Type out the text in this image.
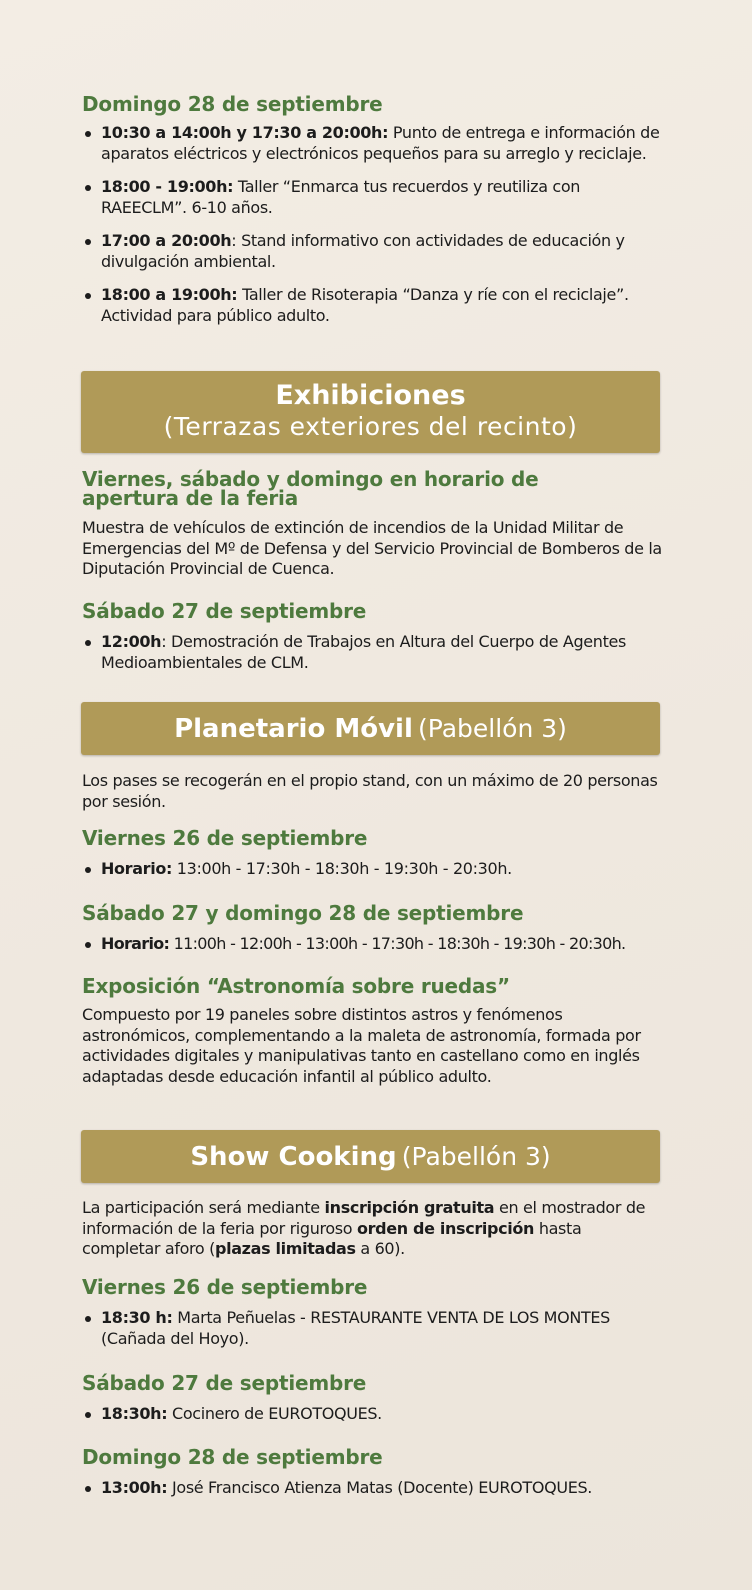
Domingo 28 de septiembre
10:30 a 14:00h y 17:30 a 20:00h: Punto de entrega e información de aparatos eléctricos y electrónicos pequeños para su arreglo y reciclaje.
18:00 - 19:00h: Taller “Enmarca tus recuerdos y reutiliza con RAEECLM”. 6-10 años.
17:00 a 20:00h: Stand informativo con actividades de educación y divulgación ambiental.
18:00 a 19:00h: Taller de Risoterapia “Danza y ríe con el reciclaje”. Actividad para público adulto.
Exhibiciones
(Terrazas exteriores del recinto)
Viernes, sábado y domingo en horario de apertura de la feria

Muestra de vehículos de extinción de incendios de la Unidad Militar de Emergencias del Mº de Defensa y del Servicio Provincial de Bomberos de la Diputación Provincial de Cuenca.

Sábado 27 de septiembre
12:00h: Demostración de Trabajos en Altura del Cuerpo de Agentes Medioambientales de CLM.
Planetario Móvil (Pabellón 3)

Los pases se recogerán en el propio stand, con un máximo de 20 personas por sesión.

Viernes 26 de septiembre
Horario: 13:00h - 17:30h - 18:30h - 19:30h - 20:30h.
Sábado 27 y domingo 28 de septiembre
Horario: 11:00h - 12:00h - 13:00h - 17:30h - 18:30h - 19:30h - 20:30h.
Exposición “Astronomía sobre ruedas”

Compuesto por 19 paneles sobre distintos astros y fenómenos astronómicos, complementando a la maleta de astronomía, formada por actividades digitales y manipulativas tanto en castellano como en inglés adaptadas desde educación infantil al público adulto.

Show Cooking (Pabellón 3)

La participación será mediante inscripción gratuita en el mostrador de información de la feria por riguroso orden de inscripción hasta completar aforo (plazas limitadas a 60).

Viernes 26 de septiembre
18:30 h: Marta Peñuelas - RESTAURANTE VENTA DE LOS MONTES (Cañada del Hoyo).
Sábado 27 de septiembre
18:30h: Cocinero de EUROTOQUES.
Domingo 28 de septiembre
13:00h: José Francisco Atienza Matas (Docente) EUROTOQUES.
